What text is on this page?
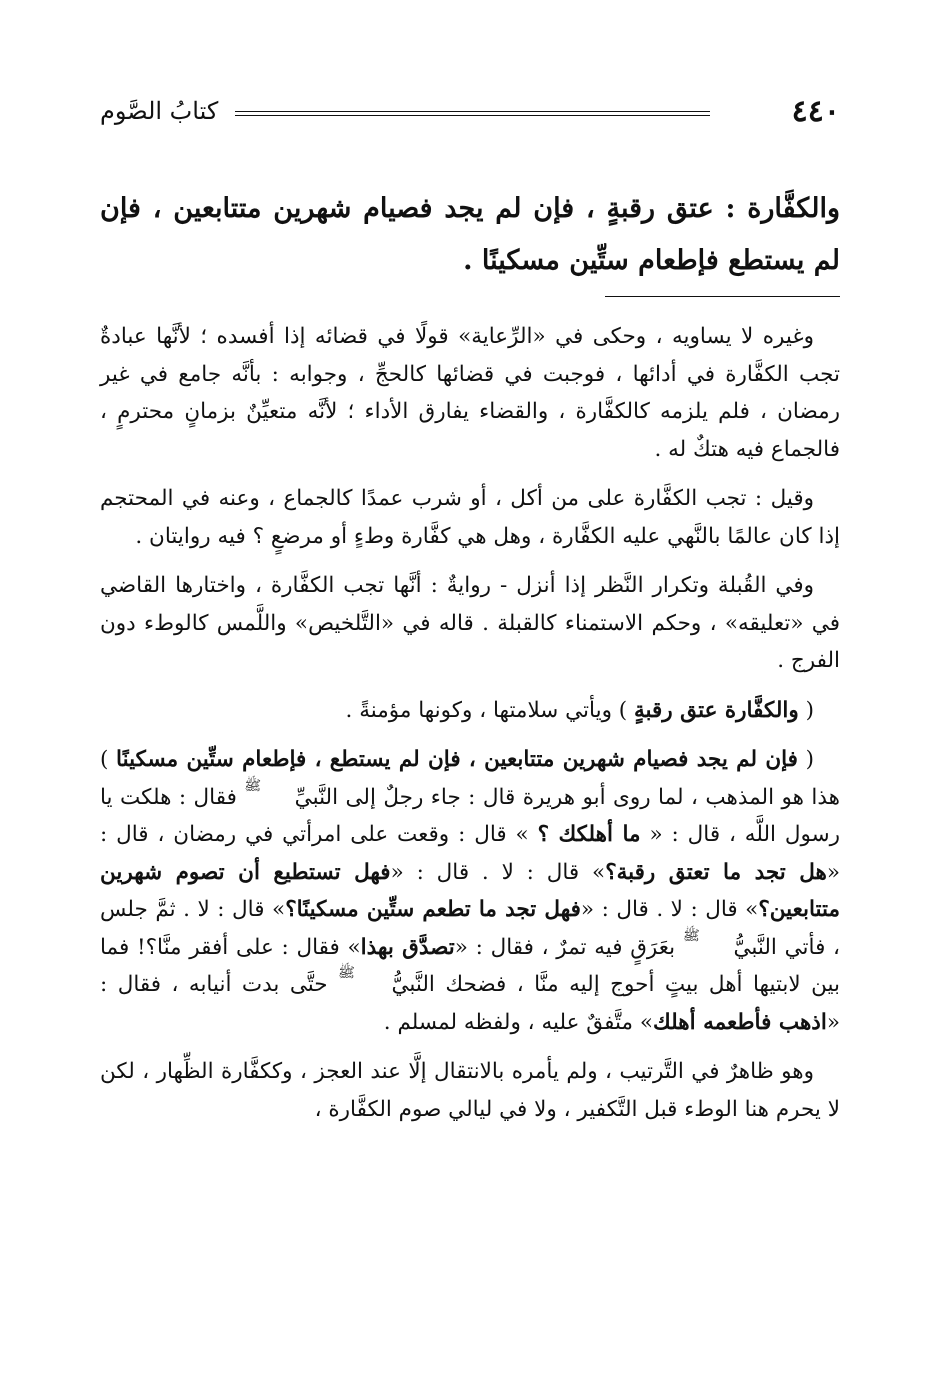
٤٤٠
كتابُ الصَّوم
والكفَّارة : عتق رقبةٍ ، فإن لم يجد فصيام شهرين متتابعين ، فإن لم يستطع فإطعام ستِّين مسكينًا .

وغيره لا يساويه ، وحكى في «الرِّعاية» قولًا في قضائه إذا أفسده ؛ لأنَّها عبادةٌ تجب الكفَّارة في أدائها ، فوجبت في قضائها كالحجِّ ، وجوابه : بأنَّه جامع في غير رمضان ، فلم يلزمه كالكفَّارة ، والقضاء يفارق الأداء ؛ لأنَّه متعيِّنٌ بزمانٍ محترمٍ ، فالجماع فيه هتكٌ له .

وقيل : تجب الكفَّارة على من أكل ، أو شرب عمدًا كالجماع ، وعنه في المحتجم إذا كان عالمًا بالنَّهي عليه الكفَّارة ، وهل هي كفَّارة وطءٍ أو مرضعٍ ؟ فيه روايتان .

وفي القُبلة وتكرار النَّظر إذا أنزل - روايةٌ : أنَّها تجب الكفَّارة ، واختارها القاضي في «تعليقه» ، وحكم الاستمناء كالقبلة . قاله في «التَّلخيص» واللَّمس كالوطء دون الفرج .

( والكفَّارة عتق رقبةٍ ) ويأتي سلامتها ، وكونها مؤمنةً .

( فإن لم يجد فصيام شهرين متتابعين ، فإن لم يستطع ، فإطعام ستِّين مسكينًا ) هذا هو المذهب ، لما روى أبو هريرة قال : جاء رجلٌ إلى النَّبيِّ ﷺ فقال : هلكت يا رسول اللَّه ، قال : « ما أهلكك ؟ » قال : وقعت على امرأتي في رمضان ، قال : «هل تجد ما تعتق رقبة؟» قال : لا . قال : «فهل تستطيع أن تصوم شهرين متتابعين؟» قال : لا . قال : «فهل تجد ما تطعم ستِّين مسكينًا؟» قال : لا . ثمَّ جلس ، فأتي النَّبيُّ ﷺ بعَرَقٍ فيه تمرٌ ، فقال : «تصدَّق بهذا» فقال : على أفقر منَّا؟! فما بين لابتيها أهل بيتٍ أحوج إليه منَّا ، فضحك النَّبيُّ ﷺ حتَّى بدت أنيابه ، فقال : «اذهب فأطعمه أهلك» متَّفقٌ عليه ، ولفظه لمسلم .

وهو ظاهرٌ في التَّرتيب ، ولم يأمره بالانتقال إلَّا عند العجز ، وككفَّارة الظِّهار ، لكن لا يحرم هنا الوطء قبل التَّكفير ، ولا في ليالي صوم الكفَّارة ،
